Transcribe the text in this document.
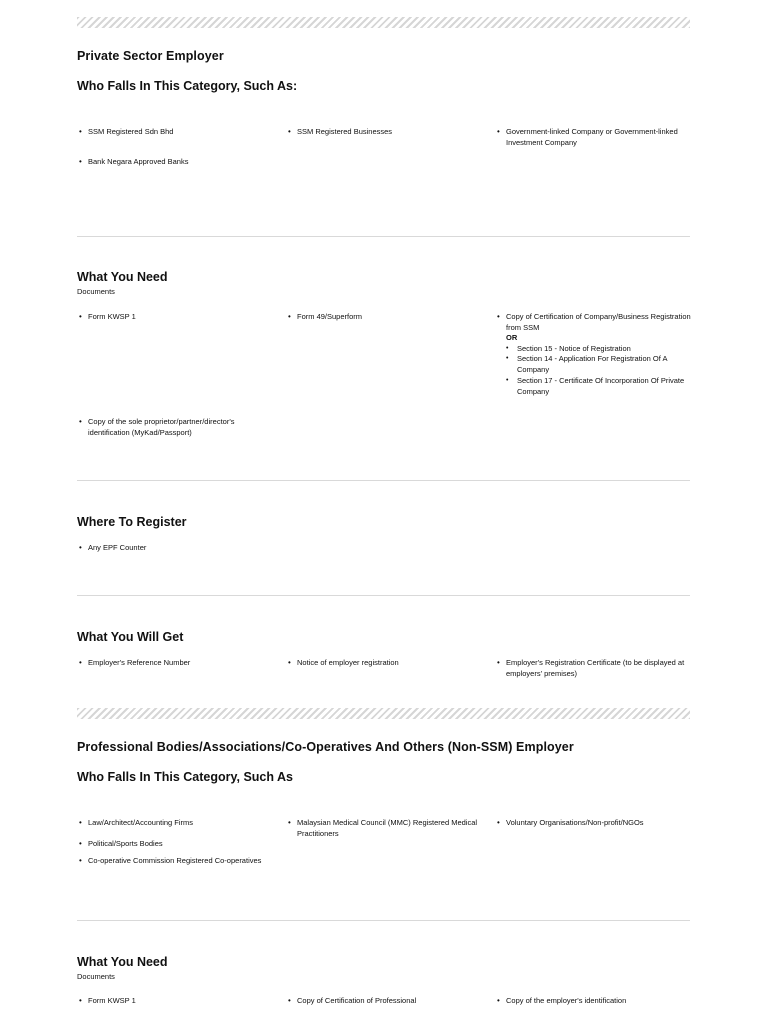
Private Sector Employer
Who Falls In This Category, Such As:
• SSM Registered Sdn Bhd
• Bank Negara Approved Banks
• SSM Registered Businesses	• Government-linked Company or Government-linked Investment Company
What You Need
Documents
• Form KWSP 1	• Form 49/Superform	• Copy of Certification of Company/Business Registration from SSM
OR
• Section 15 - Notice of Registration
• Section 14 - Application For Registration Of A Company
• Section 17 - Certificate Of Incorporation Of Private Company
• Copy of the sole proprietor/partner/director's identification (MyKad/Passport)
Where To Register
• Any EPF Counter
What You Will Get
• Employer's Reference Number	• Notice of employer registration	• Employer's Registration Certificate (to be displayed at employers' premises)
Professional Bodies/Associations/Co-Operatives And Others (Non-SSM) Employer
Who Falls In This Category, Such As
• Law/Architect/Accounting Firms
• Political/Sports Bodies
• Co-operative Commission Registered Co-operatives
• Malaysian Medical Council (MMC) Registered Medical Practitioners
• Voluntary Organisations/Non-profit/NGOs
What You Need
Documents
• Form KWSP 1	• Copy of Certification of Professional	• Copy of the employer's identification
